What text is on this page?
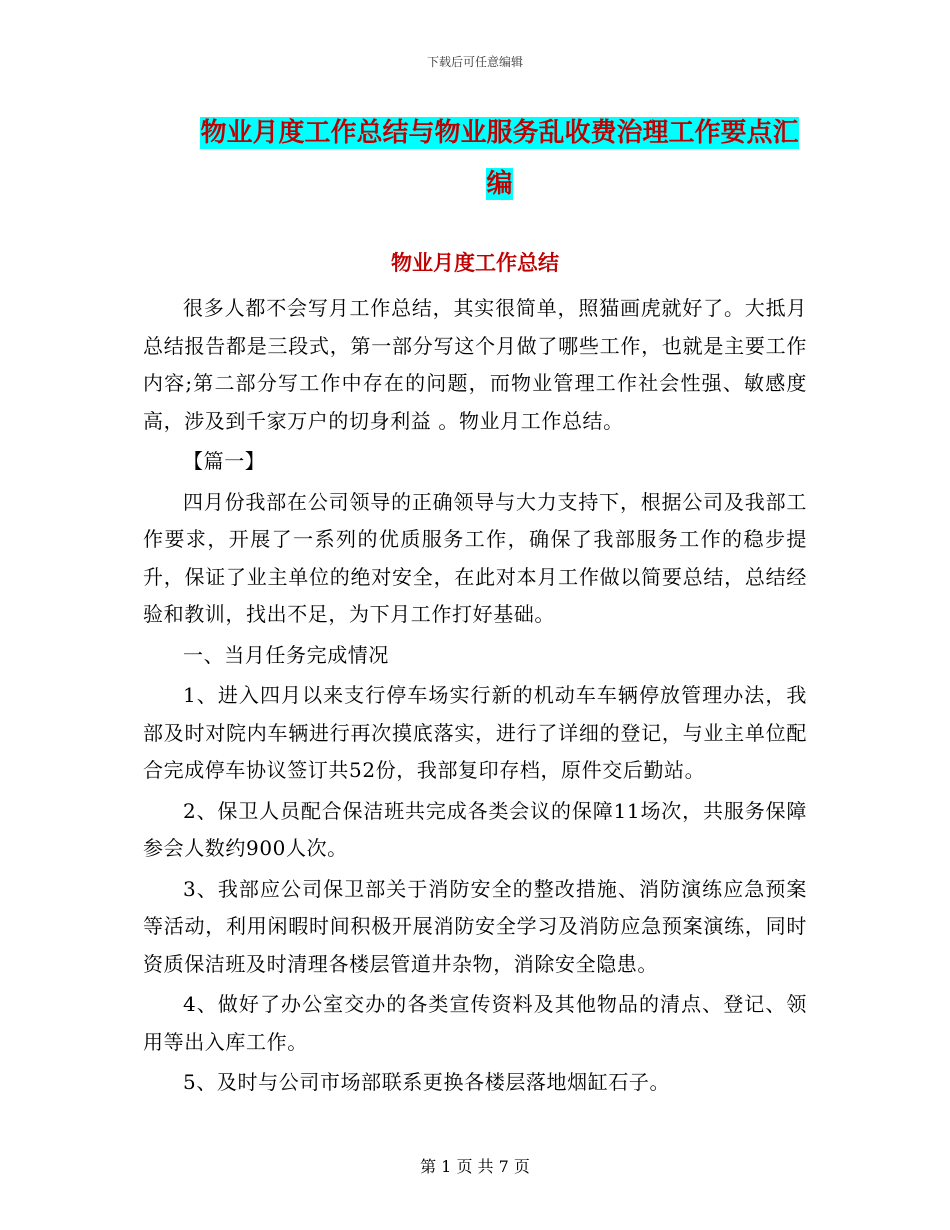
下载后可任意编辑
物业月度工作总结与物业服务乱收费治理工作要点汇编
物业月度工作总结

很多人都不会写月工作总结，其实很简单，照猫画虎就好了。大抵月总结报告都是三段式，第一部分写这个月做了哪些工作，也就是主要工作内容;第二部分写工作中存在的问题，而物业管理工作社会性强、敏感度高，涉及到千家万户的切身利益 。物业月工作总结。

【篇一】

四月份我部在公司领导的正确领导与大力支持下，根据公司及我部工作要求，开展了一系列的优质服务工作，确保了我部服务工作的稳步提升，保证了业主单位的绝对安全，在此对本月工作做以简要总结，总结经验和教训，找出不足，为下月工作打好基础。

一、当月任务完成情况

1、进入四月以来支行停车场实行新的机动车车辆停放管理办法，我部及时对院内车辆进行再次摸底落实，进行了详细的登记，与业主单位配合完成停车协议签订共52份，我部复印存档，原件交后勤站。

2、保卫人员配合保洁班共完成各类会议的保障11场次，共服务保障参会人数约900人次。

3、我部应公司保卫部关于消防安全的整改措施、消防演练应急预案等活动，利用闲暇时间积极开展消防安全学习及消防应急预案演练，同时资质保洁班及时清理各楼层管道井杂物，消除安全隐患。

4、做好了办公室交办的各类宣传资料及其他物品的清点、登记、领用等出入库工作。

5、及时与公司市场部联系更换各楼层落地烟缸石子。

第 1 页 共 7 页
